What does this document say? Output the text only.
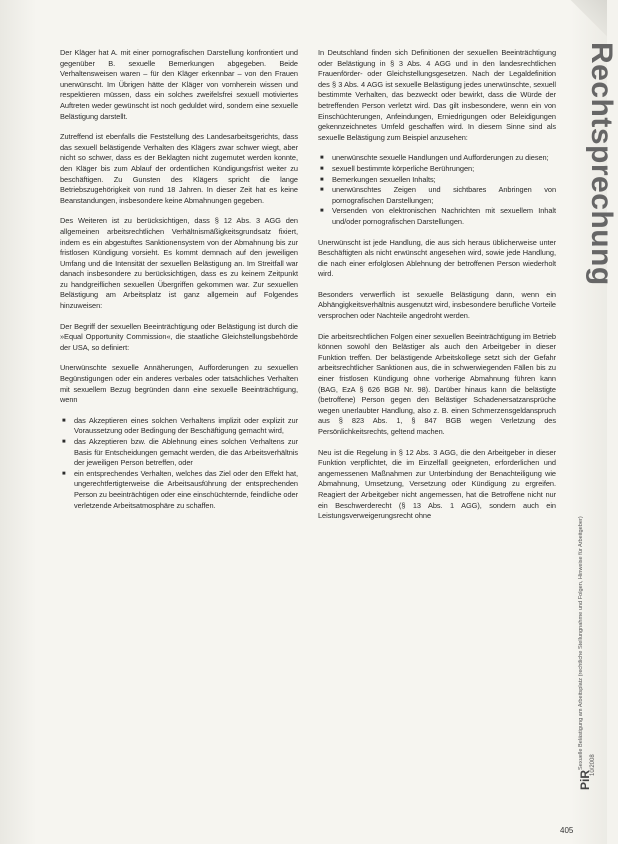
Der Kläger hat A. mit einer pornografischen Darstellung konfrontiert und gegenüber B. sexuelle Bemerkungen abgegeben. Beide Verhaltensweisen waren – für den Kläger erkennbar – von den Frauen unerwünscht. Im Übrigen hätte der Kläger von vornherein wissen und respektieren müssen, dass ein solches zweifelsfrei sexuell motiviertes Auftreten weder gewünscht ist noch geduldet wird, sondern eine sexuelle Belästigung darstellt.

Zutreffend ist ebenfalls die Feststellung des Landesarbeitsgerichts, dass das sexuell belästigende Verhalten des Klägers zwar schwer wiegt, aber nicht so schwer, dass es der Beklagten nicht zugemutet werden konnte, den Kläger bis zum Ablauf der ordentlichen Kündigungsfrist weiter zu beschäftigen. Zu Gunsten des Klägers spricht die lange Betriebszugehörigkeit von rund 18 Jahren. In dieser Zeit hat es keine Beanstandungen, insbesondere keine Abmahnungen gegeben.

Des Weiteren ist zu berücksichtigen, dass § 12 Abs. 3 AGG den allgemeinen arbeitsrechtlichen Verhältnismäßigkeitsgrundsatz fixiert, indem es ein abgestuftes Sanktionensystem von der Abmahnung bis zur fristlosen Kündigung vorsieht. Es kommt demnach auf den jeweiligen Umfang und die Intensität der sexuellen Belästigung an. Im Streitfall war danach insbesondere zu berücksichtigen, dass es zu keinem Zeitpunkt zu handgreiflichen sexuellen Übergriffen gekommen war. Zur sexuellen Belästigung am Arbeitsplatz ist ganz allgemein auf Folgendes hinzuweisen:

Der Begriff der sexuellen Beeinträchtigung oder Belästigung ist durch die »Equal Opportunity Commission«, die staatliche Gleichstellungsbehörde der USA, so definiert:

Unerwünschte sexuelle Annäherungen, Aufforderungen zu sexuellen Begünstigungen oder ein anderes verbales oder tatsächliches Verhalten mit sexuellem Bezug begründen dann eine sexuelle Beeinträchtigung, wenn

■ das Akzeptieren eines solchen Verhaltens implizit oder explizit zur Voraussetzung oder Bedingung der Beschäftigung gemacht wird,
■ das Akzeptieren bzw. die Ablehnung eines solchen Verhaltens zur Basis für Entscheidungen gemacht werden, die das Arbeitsverhältnis der jeweiligen Person betreffen, oder
■ ein entsprechendes Verhalten, welches das Ziel oder den Effekt hat, ungerechtfertigterweise die Arbeitsausführung der entsprechenden Person zu beeinträchtigen oder eine einschüchternde, feindliche oder verletzende Arbeitsatmosphäre zu schaffen.

In Deutschland finden sich Definitionen der sexuellen Beeinträchtigung oder Belästigung in § 3 Abs. 4 AGG und in den landesrechtlichen Frauenförder- oder Gleichstellungsgesetzen. Nach der Legaldefinition des § 3 Abs. 4 AGG ist sexuelle Belästigung jedes unerwünschte, sexuell bestimmte Verhalten, das bezweckt oder bewirkt, dass die Würde der betreffenden Person verletzt wird. Das gilt insbesondere, wenn ein von Einschüchterungen, Anfeindungen, Erniedrigungen oder Beleidigungen gekennzeichnetes Umfeld geschaffen wird. In diesem Sinne sind als sexuelle Belästigung zum Beispiel anzusehen:

■ unerwünschte sexuelle Handlungen und Aufforderungen zu diesen;
■ sexuell bestimmte körperliche Berührungen;
■ Bemerkungen sexuellen Inhalts;
■ unerwünschtes Zeigen und sichtbares Anbringen von pornografischen Darstellungen;
■ Versenden von elektronischen Nachrichten mit sexuellem Inhalt und/oder pornografischen Darstellungen.

Unerwünscht ist jede Handlung, die aus sich heraus üblicherweise unter Beschäftigten als nicht erwünscht angesehen wird, sowie jede Handlung, die nach einer erfolglosen Ablehnung der betroffenen Person wiederholt wird.

Besonders verwerflich ist sexuelle Belästigung dann, wenn ein Abhängigkeitsverhältnis ausgenutzt wird, insbesondere berufliche Vorteile versprochen oder Nachteile angedroht werden.

Die arbeitsrechtlichen Folgen einer sexuellen Beeinträchtigung im Betrieb können sowohl den Belästiger als auch den Arbeitgeber in dieser Funktion treffen. Der belästigende Arbeitskollege setzt sich der Gefahr arbeitsrechtlicher Sanktionen aus, die in schwerwiegenden Fällen bis zu einer fristlosen Kündigung ohne vorherige Abmahnung führen kann (BAG, EzA § 626 BGB Nr. 98). Darüber hinaus kann die belästigte (betroffene) Person gegen den Belästiger Schadenersatzansprüche wegen unerlaubter Handlung, also z. B. einen Schmerzensgeldanspruch aus § 823 Abs. 1, § 847 BGB wegen Verletzung des Persönlichkeitsrechts, geltend machen.

Neu ist die Regelung in § 12 Abs. 3 AGG, die den Arbeitgeber in dieser Funktion verpflichtet, die im Einzelfall geeigneten, erforderlichen und angemessenen Maßnahmen zur Unterbindung der Benachteiligung wie Abmahnung, Umsetzung, Versetzung oder Kündigung zu ergreifen. Reagiert der Arbeitgeber nicht angemessen, hat die Betroffene nicht nur ein Beschwerderecht (§ 13 Abs. 1 AGG), sondern auch ein Leistungsverweigerungsrecht ohne

Rechtsprechung
405
